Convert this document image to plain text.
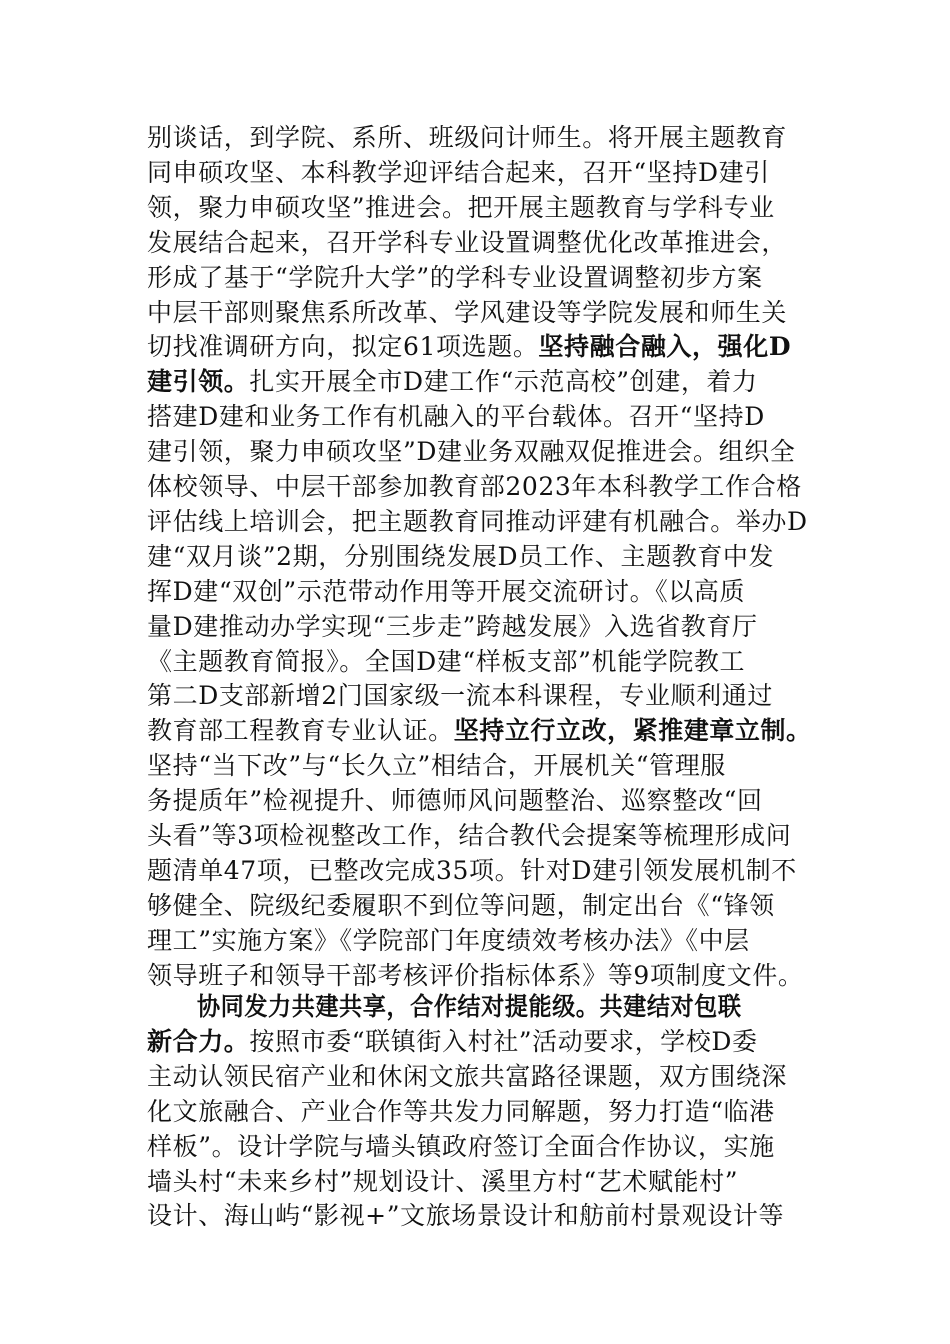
别谈话，到学院、系所、班级问计师生。将开展主题教育
同申硕攻坚、本科教学迎评结合起来，召开“坚持D建引
领，聚力申硕攻坚”推进会。把开展主题教育与学科专业
发展结合起来，召开学科专业设置调整优化改革推进会，
形成了基于“学院升大学”的学科专业设置调整初步方案
中层干部则聚焦系所改革、学风建设等学院发展和师生关
切找准调研方向，拟定61项选题。坚持融合融入，强化D
建引领。扎实开展全市D建工作“示范高校”创建，着力
搭建D建和业务工作有机融入的平台载体。召开“坚持D
建引领，聚力申硕攻坚”D建业务双融双促推进会。组织全
体校领导、中层干部参加教育部2023年本科教学工作合格
评估线上培训会，把主题教育同推动评建有机融合。举办D
建“双月谈”2期，分别围绕发展D员工作、主题教育中发
挥D建“双创”示范带动作用等开展交流研讨。《以高质
量D建推动办学实现“三步走”跨越发展》入选省教育厅
《主题教育简报》。全国D建“样板支部”机能学院教工
第二D支部新增2门国家级一流本科课程，专业顺利通过
教育部工程教育专业认证。坚持立行立改，紧推建章立制。
坚持“当下改”与“长久立”相结合，开展机关“管理服
务提质年”检视提升、师德师风问题整治、巡察整改“回
头看”等3项检视整改工作，结合教代会提案等梳理形成问
题清单47项，已整改完成35项。针对D建引领发展机制不
够健全、院级纪委履职不到位等问题，制定出台《“锋领
理工”实施方案》《学院部门年度绩效考核办法》《中层
领导班子和领导干部考核评价指标体系》等9项制度文件。
协同发力共建共享，合作结对提能级。共建结对包联
新合力。按照市委“联镇街入村社”活动要求，学校D委
主动认领民宿产业和休闲文旅共富路径课题，双方围绕深
化文旅融合、产业合作等共发力同解题，努力打造“临港
样板”。设计学院与墙头镇政府签订全面合作协议，实施
墙头村“未来乡村”规划设计、溪里方村“艺术赋能村”
设计、海山屿“影视+”文旅场景设计和舫前村景观设计等
